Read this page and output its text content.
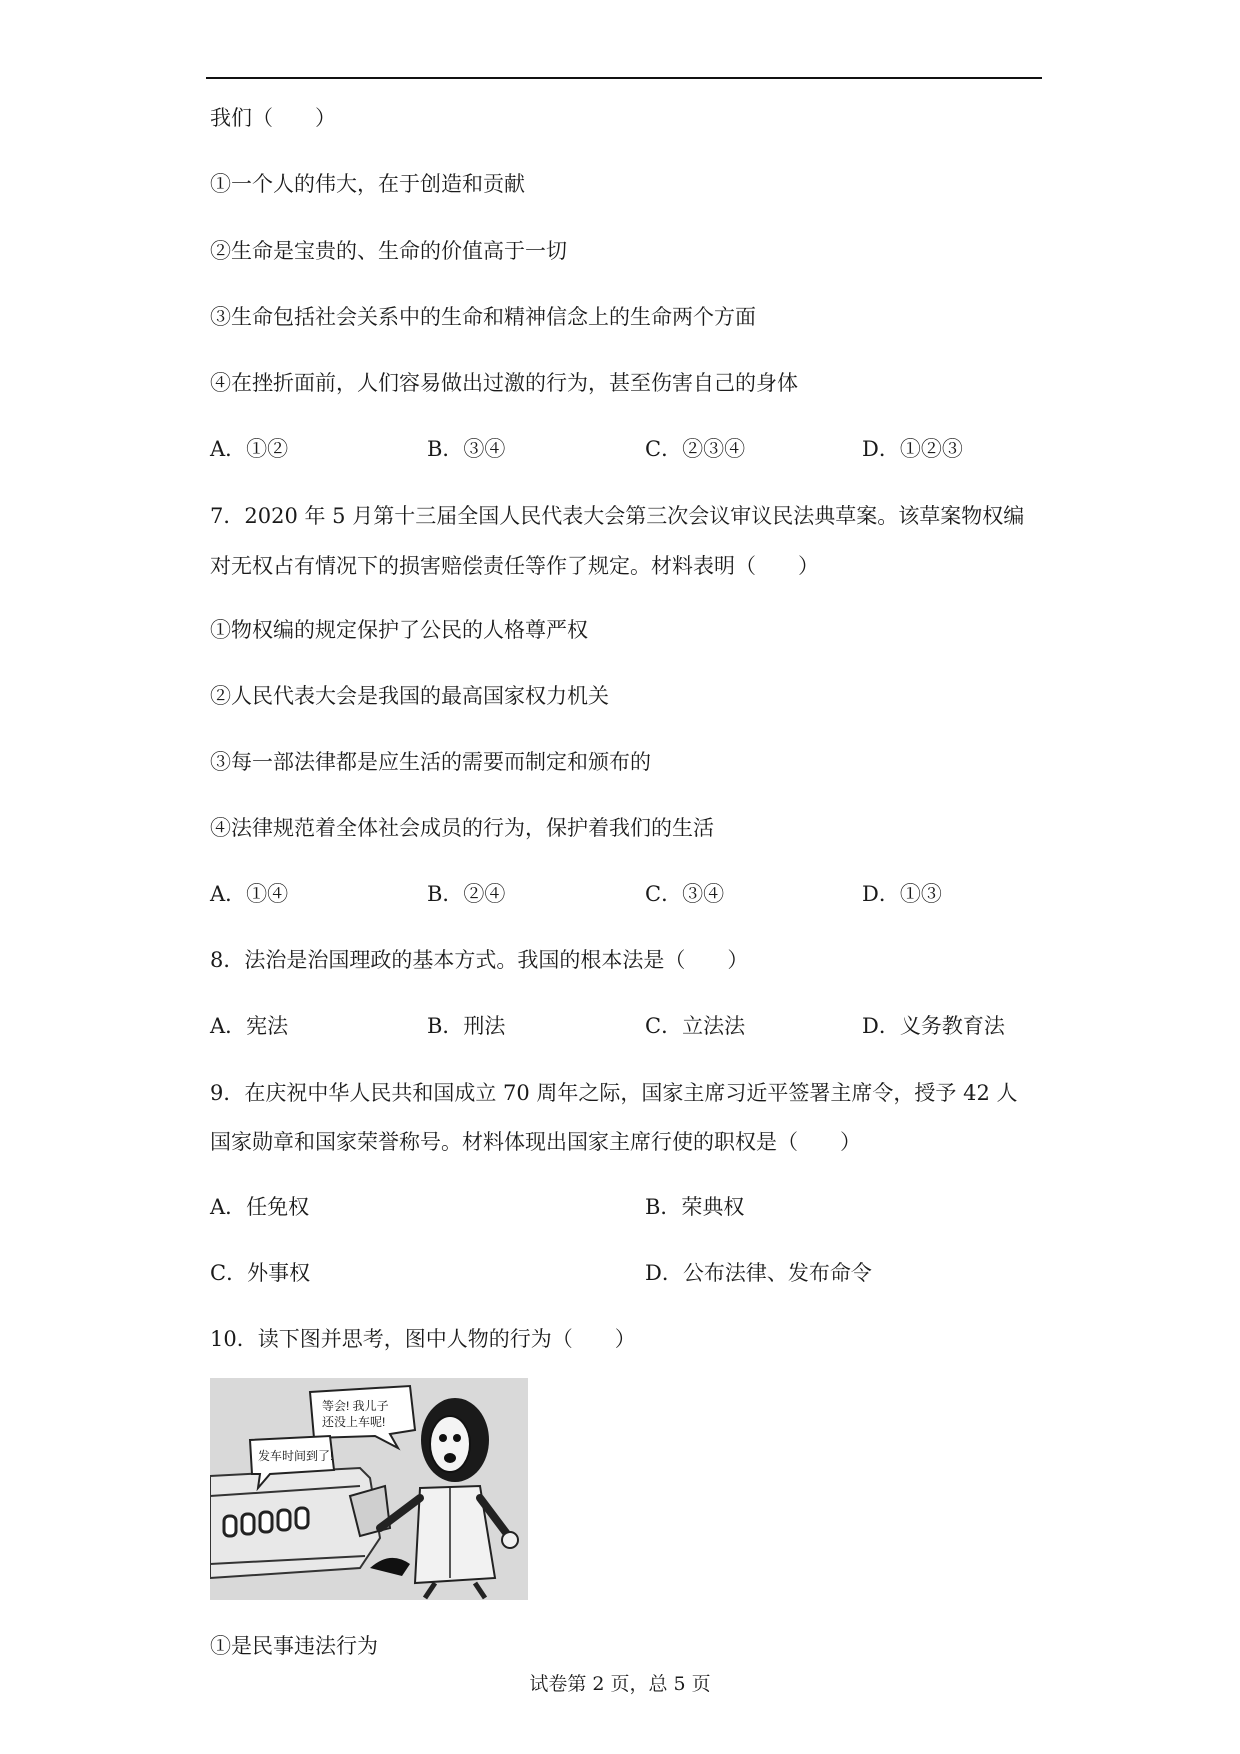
我们（　　）
①一个人的伟大，在于创造和贡献
②生命是宝贵的、生命的价值高于一切
③生命包括社会关系中的生命和精神信念上的生命两个方面
④在挫折面前，人们容易做出过激的行为，甚至伤害自己的身体
A．①②	B．③④	C．②③④	D．①②③
7．2020 年 5 月第十三届全国人民代表大会第三次会议审议民法典草案。该草案物权编
对无权占有情况下的损害赔偿责任等作了规定。材料表明（　　）
①物权编的规定保护了公民的人格尊严权
②人民代表大会是我国的最高国家权力机关
③每一部法律都是应生活的需要而制定和颁布的
④法律规范着全体社会成员的行为，保护着我们的生活
A．①④	B．②④	C．③④	D．①③
8．法治是治国理政的基本方式。我国的根本法是（　　）
A．宪法	B．刑法	C．立法法	D．义务教育法
9．在庆祝中华人民共和国成立 70 周年之际，国家主席习近平签署主席令，授予 42 人
国家勋章和国家荣誉称号。材料体现出国家主席行使的职权是（　　）
A．任免权	B．荣典权
C．外事权	D．公布法律、发布命令
10．读下图并思考，图中人物的行为（　　）
等会! 我儿子
还没上车呢!
发车时间到了!
①是民事违法行为
试卷第 2 页，总 5 页
